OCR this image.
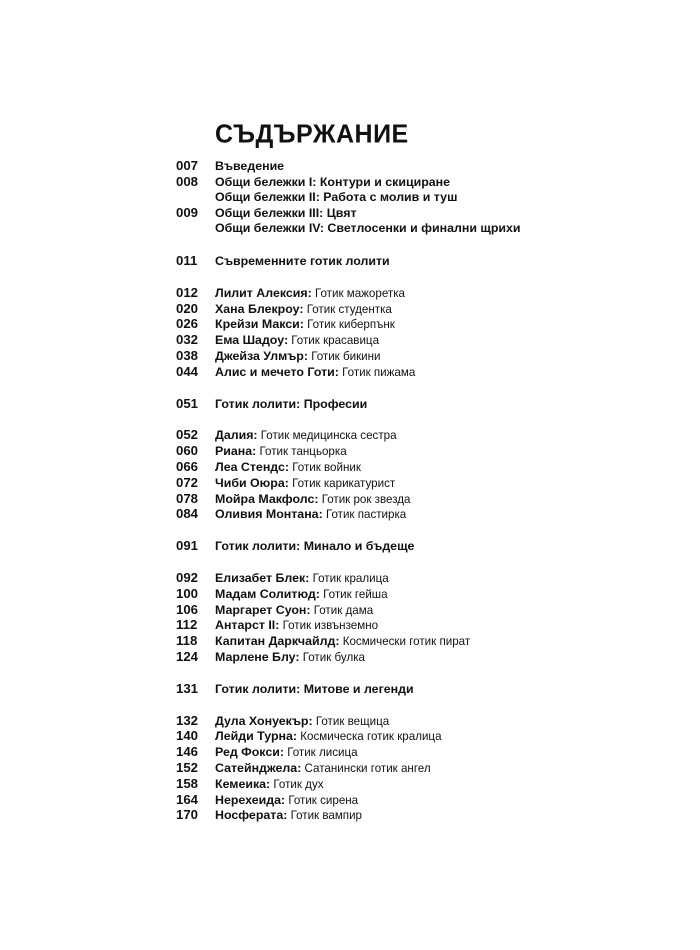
СЪДЪРЖАНИЕ
007	Въведение
008	Общи бележки I: Контури и скициране
Общи бележки II: Работа с молив и туш
009	Общи бележки III: Цвят
Общи бележки IV: Светлосенки и финални щрихи
011	Съвременните готик лолити
012	Лилит Алексия: Готик мажоретка
020	Хана Блекроу: Готик студентка
026	Крейзи Макси: Готик киберпънк
032	Ема Шадоу: Готик красавица
038	Джейза Улмър: Готик бикини
044	Алис и мечето Готи: Готик пижама
051	Готик лолити: Професии
052	Далия: Готик медицинска сестра
060	Риана: Готик танцьорка
066	Леа Стендс: Готик войник
072	Чиби Оюра: Готик карикатурист
078	Мойра Макфолс: Готик рок звезда
084	Оливия Монтана: Готик пастирка
091	Готик лолити: Минало и бъдеще
092	Елизабет Блек: Готик кралица
100	Мадам Солитюд: Готик гейша
106	Маргарет Суон: Готик дама
112	Антарст II: Готик извънземно
118	Капитан Даркчайлд: Космически готик пират
124	Марлене Блу: Готик булка
131	Готик лолити: Митове и легенди
132	Дула Хонуекър: Готик вещица
140	Лейди Турна: Космическа готик кралица
146	Ред Фокси: Готик лисица
152	Сатейнджела: Сатанински готик ангел
158	Кемеика: Готик дух
164	Нерехеида: Готик сирена
170	Носферата: Готик вампир
